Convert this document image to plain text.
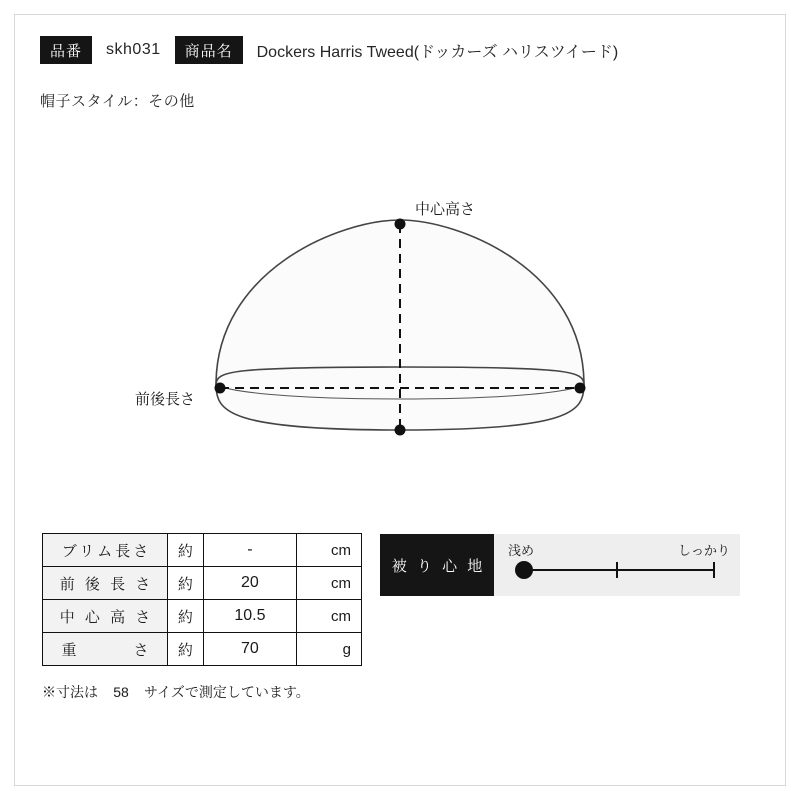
品番	skh031	商品名	Dockers Harris Tweed(ドッカーズ ハリスツイード)
帽子スタイル：その他
中心高さ
前後長さ
ブリム長さ	約	-	cm
前 後 長 さ	約	20	cm
中 心 高 さ	約	10.5	cm
重　　　さ	約	70	g
※寸法は 58 サイズで測定しています。
被 り 心 地
浅め	しっかり
